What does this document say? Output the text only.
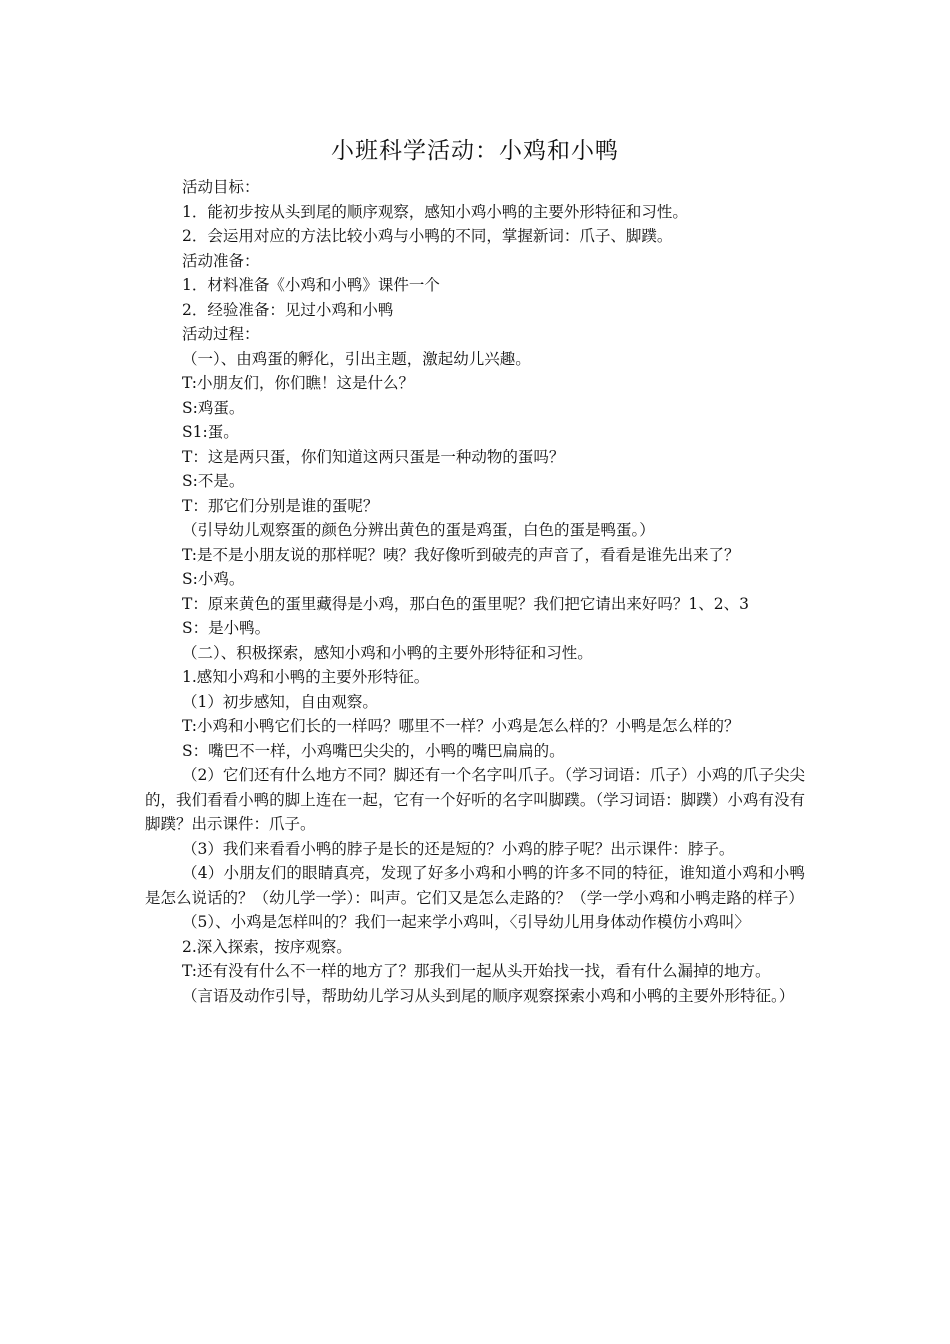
小班科学活动：小鸡和小鸭

活动目标：

1．能初步按从头到尾的顺序观察，感知小鸡小鸭的主要外形特征和习性。

2．会运用对应的方法比较小鸡与小鸭的不同，掌握新词：爪子、脚蹼。

活动准备：

1．材料准备《小鸡和小鸭》课件一个

2．经验准备：见过小鸡和小鸭

活动过程：

（一）、由鸡蛋的孵化，引出主题，激起幼儿兴趣。

T:小朋友们，你们瞧！这是什么？

S:鸡蛋。

S1:蛋。

T：这是两只蛋，你们知道这两只蛋是一种动物的蛋吗？

S:不是。

T：那它们分别是谁的蛋呢？

（引导幼儿观察蛋的颜色分辨出黄色的蛋是鸡蛋，白色的蛋是鸭蛋。）

T:是不是小朋友说的那样呢？咦？我好像听到破壳的声音了，看看是谁先出来了？

S:小鸡。

T：原来黄色的蛋里藏得是小鸡，那白色的蛋里呢？我们把它请出来好吗？1、2、3

S：是小鸭。

（二）、积极探索，感知小鸡和小鸭的主要外形特征和习性。

1.感知小鸡和小鸭的主要外形特征。

（1）初步感知，自由观察。

T:小鸡和小鸭它们长的一样吗？哪里不一样？小鸡是怎么样的？小鸭是怎么样的？

S：嘴巴不一样，小鸡嘴巴尖尖的，小鸭的嘴巴扁扁的。

（2）它们还有什么地方不同？脚还有一个名字叫爪子。（学习词语：爪子）小鸡的爪子尖尖的，我们看看小鸭的脚上连在一起，它有一个好听的名字叫脚蹼。（学习词语：脚蹼）小鸡有没有脚蹼？出示课件：爪子。

（3）我们来看看小鸭的脖子是长的还是短的？小鸡的脖子呢？出示课件：脖子。

（4）小朋友们的眼睛真亮，发现了好多小鸡和小鸭的许多不同的特征，谁知道小鸡和小鸭是怎么说话的？（幼儿学一学）：叫声。它们又是怎么走路的？（学一学小鸡和小鸭走路的样子）

（5）、小鸡是怎样叫的？我们一起来学小鸡叫，〈引导幼儿用身体动作模仿小鸡叫〉

2.深入探索，按序观察。

T:还有没有什么不一样的地方了？那我们一起从头开始找一找，看有什么漏掉的地方。

（言语及动作引导，帮助幼儿学习从头到尾的顺序观察探索小鸡和小鸭的主要外形特征。）
